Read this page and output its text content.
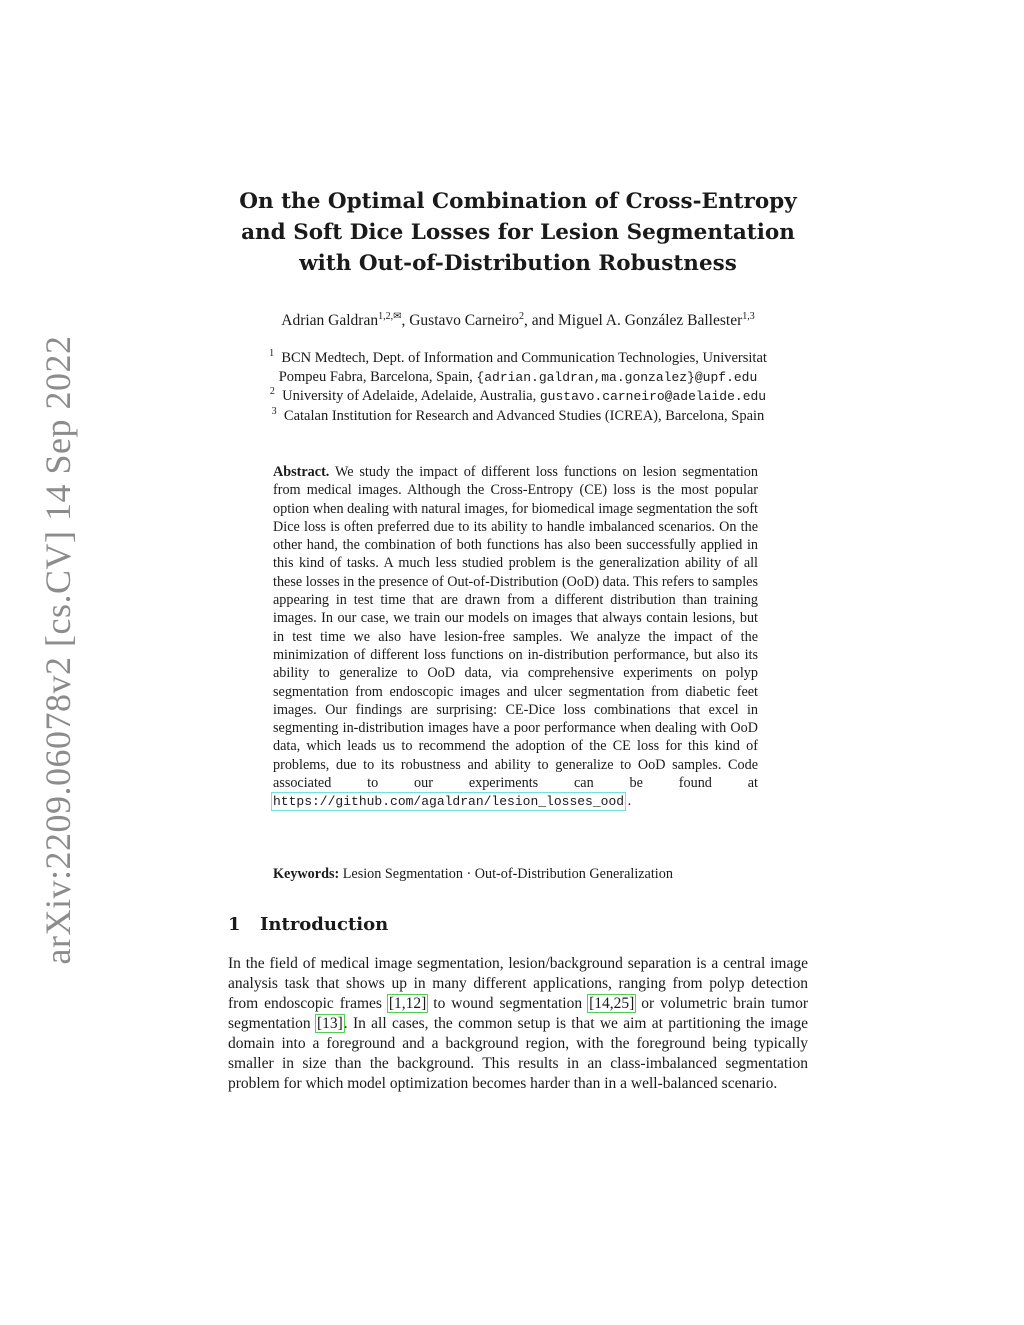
arXiv:2209.06078v2 [cs.CV] 14 Sep 2022
On the Optimal Combination of Cross-Entropy
and Soft Dice Losses for Lesion Segmentation
with Out-of-Distribution Robustness
Adrian Galdran$^{1,2,✉}$, Gustavo Carneiro$^2$, and Miguel A. González Ballester$^{1,3}$
$^1$ BCN Medtech, Dept. of Information and Communication Technologies, Universitat
Pompeu Fabra, Barcelona, Spain, {adrian.galdran,ma.gonzalez}@upf.edu
$^2$ University of Adelaide, Adelaide, Australia, gustavo.carneiro@adelaide.edu
$^3$ Catalan Institution for Research and Advanced Studies (ICREA), Barcelona, Spain
Abstract. We study the impact of different loss functions on lesion segmentation from medical images. Although the Cross-Entropy (CE) loss is the most popular option when dealing with natural images, for biomedical image segmentation the soft Dice loss is often preferred due to its ability to handle imbalanced scenarios. On the other hand, the combination of both functions has also been successfully applied in this kind of tasks. A much less studied problem is the generalization ability of all these losses in the presence of Out-of-Distribution (OoD) data. This refers to samples appearing in test time that are drawn from a different distribution than training images. In our case, we train our models on images that always contain lesions, but in test time we also have lesion-free samples. We analyze the impact of the minimization of different loss functions on in-distribution performance, but also its ability to generalize to OoD data, via comprehensive experiments on polyp segmentation from endoscopic images and ulcer segmentation from diabetic feet images. Our findings are surprising: CE-Dice loss combinations that excel in segmenting in-distribution images have a poor performance when dealing with OoD data, which leads us to recommend the adoption of the CE loss for this kind of problems, due to its robustness and ability to generalize to OoD samples. Code associated to our experiments can be found at https://github.com/agaldran/lesion_losses_ood .
Keywords: Lesion Segmentation · Out-of-Distribution Generalization
1 Introduction

In the field of medical image segmentation, lesion/background separation is a central image analysis task that shows up in many different applications, ranging from polyp detection from endoscopic frames [1,12] to wound segmentation [14,25] or volumetric brain tumor segmentation [13]. In all cases, the common setup is that we aim at partitioning the image domain into a foreground and a background region, with the foreground being typically smaller in size than the background. This results in an class-imbalanced segmentation problem for which model optimization becomes harder than in a well-balanced scenario.
